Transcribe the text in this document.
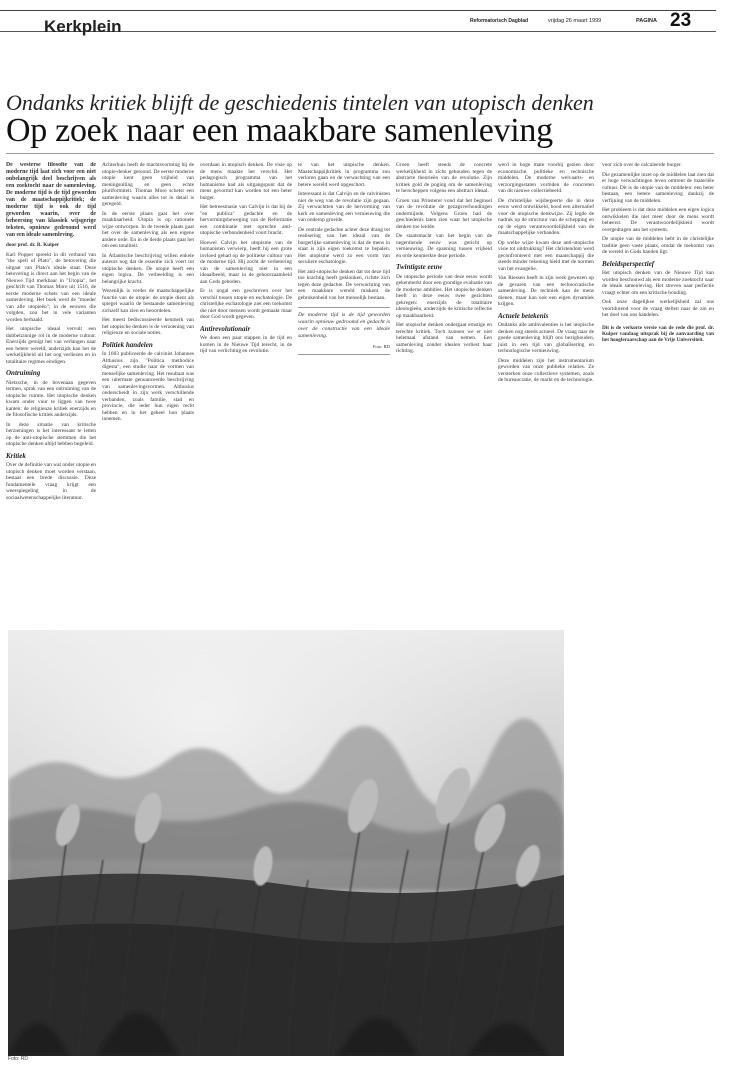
Kerkplein	Reformatorisch Dagblad	vrijdag 26 maart 1999	PAGINA 23
Ondanks kritiek blijft de geschiedenis tintelen van utopisch denken
Op zoek naar een maakbare samenleving

De westerse filosofie van de moderne tijd laat zich voor een niet onbelangrijk deel beschrijven als een zoektocht naar de samenleving. De moderne tijd is de tijd geworden van de maatschappijkritiek; de moderne tijd is ook de tijd geworden waarin, over de beheersing van klassiek wijsgerige teksten, opnieuw gedroomd werd van een ideale samenleving.

door prof. dr. R. Kuiper

Karl Popper spreekt in dit verband van "the spell of Plato", de betovering die uitgaat van Plato's ideale staat. Deze betovering is direct aan het begin van de Nieuwe Tijd merkbaar in "Utopia", het geschrift van Thomas More uit 1516, de eerste moderne schets van een ideale samenleving. Het boek werd de "moeder van alle utopieën"; in de eeuwen die volgden, zou het in vele varianten worden herhaald.

Het utopische ideaal vervult een dubbelzinnige rol in de moderne cultuur. Enerzijds getuigt het van verlangen naar een betere wereld; anderzijds kan het de werkelijkheid uit het oog verliezen en in totalitaire regimes eindigen.

Ontruiming

Nietzsche, in de bovenaan gegeven termen, sprak van een ontruiming van de utopische ruimte. Het utopische denken kwam onder vuur te liggen van twee kanten: de religieuze kritiek enerzijds en de filosofische kritiek anderzijds.

In deze situatie van kritische herzieningen is het interessant te letten op de anti-utopische stemmen die het utopische denken altijd hebben begeleid.

Kritiek

Over de definitie van wat onder utopie en utopisch denken moet worden verstaan, bestaat een brede discussie. Deze fundamentele vraag krijgt een weerspiegeling in de sociaalwetenschappelijke literatuur.

Achterhuis heeft de machtsvorming bij de utopie-denker getoond. De eerste moderne utopie kent geen vrijheid van meningsuiting en geen echte pluriformiteit. Thomas More schetst een samenleving waarin alles tot in detail is geregeld.

In de eerste plaats gaat het over maakbaarheid. Utopia is op rationele wijze ontworpen. In de tweede plaats gaat het over de samenleving als een eigene andere orde. En in de derde plaats gaat het om een totaliteit.

In Atlantische beschrijving willen enkele auteurs nog dat de essentie zich voert tot utopische denken. De utopie heeft een eigen logica. De verbeelding is een belangrijke kracht.

Wezenlijk is verder de maatschappelijke functie van de utopie: de utopie dient als spiegel waarin de bestaande samenleving zichzelf kan zien en beoordelen.

Het meest bediscussieerde kenmerk van het utopische denken is de verzoening van religieuze en sociale noties.

Politiek handelen

In 1603 publiceerde de calvinist Johannes Althusius zijn "Politica methodice digesta", een studie naar de vormen van menselijke samenleving. Het resultaat was een uitermate genuanceerde beschrijving van samenlevingsvormen. Althusius onderscheidt in zijn werk verschillende verbanden, zoals familie, stad en provincie, die ieder hun eigen recht hebben en in het geheel hun plaats innemen.

overdaan in utopisch denken. De visie op de mens maakte het verschil. Het pedagogisch programma van het humanisme had als uitgangspunt dat de mens gevormd kan worden tot een beter burger.

Het betreesmasie van Calvijn is dat bij de "en publica" gedachte en de hervormingsbeweging van de Reformatie een combinatie met oprechte anti-utopische verbondenheid voort bracht.

Hoewel Calvijn het utopisme van de humanisten verwierp, heeft hij een grote invloed gehad op de politieke cultuur van de moderne tijd. Hij zocht de verbetering van de samenleving niet in een ideaalbeeld, maar in de gehoorzaamheid aan Gods geboden.

Er is nogal een geschreven over het verschil tussen utopie en eschatologie. De christelijke eschatologie ziet een toekomst die niet door mensen wordt gemaakt maar door God wordt gegeven.

Antirevolutionair

We doen een paar stappen in de tijd en komen in de Nieuwe Tijd terecht, in de tijd van verlichting en revolutie.

te van het utopische denken. Maatschappijkritiek in programma zou verloren gaan en de verwachting van een betere wereld werd opgeschort.

Interessant is dat Calvijn en de calvinisten niet de weg van de revolutie zijn gegaan. Zij verwachtten van de hervorming van kerk en samenleving een vernieuwing die van onderop groeide.

De centrale gedachte achter deze drang tot realisering van het ideaal van de burgerlijke samenleving is dat de mens in staat is zijn eigen toekomst te bepalen. Het utopisme werd zo een vorm van seculiere eschatologie.

Het anti-utopische denken dat tot deze tijd toe krachtig heeft geklonken, richtte zich tegen deze gedachte. De verwachting van een maakbare wereld miskent de gebrokenheid van het menselijk bestaan.

De moderne tijd is de tijd geworden waarin opnieuw gedroomd en gedacht is over de constructie van een ideale samenleving.

Foto: RD

Groen heeft steeds de concrete werkelijkheid in zicht gehouden tegen de abstracte theorieën van de revolutie. Zijn kritiek gold de poging om de samenleving te herscheppen volgens een abstract ideaal.

Groen van Prinsterer vond dat het beginsel van de revolutie de gezagsverhoudingen ondermijnde. Volgens Groen had de geschiedenis laten zien waar het utopische denken toe leidde.

De staatsmacht van het begin van de negentiende eeuw was gericht op vernieuwing. De spanning tussen vrijheid en orde kenmerkte deze periode.

Twintigste eeuw

De utopische periode van deze eeuw wordt gekenmerkt door een grondige evaluatie van de moderne ambities. Het utopische denken heeft in deze eeuw twee gezichten gekregen: enerzijds de totalitaire ideologieën, anderzijds de kritische reflectie op maakbaarheid.

Het utopische denken ondergaat ernstige en terechte kritiek. Toch kunnen we er niet helemaal afstand van nemen. Een samenleving zonder idealen verliest haar richting.

werd in hoge mate voorbij gezien door economische, politieke en technische middelen. De moderne welvaarts- en verzorgingsstaten vormden de concreten van dit nieuwe collectiebeeld.

De christelijke wijsbegeerte die in deze eeuw werd ontwikkeld, bood een alternatief voor de utopische denkwijze. Zij legde de nadruk op de structuur van de schepping en op de eigen verantwoordelijkheid van de maatschappelijke verbanden.

Op welke wijze kwam deze anti-utopische visie tot uitdrukking? Het christendom werd geconfronteerd met een maatschappij die steeds minder rekening hield met de normen van het evangelie.

Van Riessen heeft in zijn werk gewezen op de gevaren van een technocratische samenleving. De techniek kan de mens dienen, maar kan ook een eigen dynamiek krijgen.

Actuele betekenis

Ondanks alle ambivalenties is het utopische denken nog steeds actueel. De vraag naar de goede samenleving blijft ons bezighouden, juist in een tijd van globalisering en technologische vernieuwing.

Deze middelen zijn het instrumentarium geworden van onze publieke relaties. Ze versterken onze collectieve systemen, zoals de bureaucratie, de markt en de technologie.

voor zich over de calculeerde burger.

Die gezamenlijke inzet op de middelen laat zien dat er hoge verwachtingen leven omtrent de materiële cultuur. Dit is de utopie van de middelen: een beter bestaan, een betere samenleving dankzij de verfijning van de middelen.

Het probleem is dat deze middelen een eigen logica ontwikkelen die niet meer door de mens wordt beheerst. De verantwoordelijkheid wordt overgedragen aan het systeem.

De utopie van de middelen hebt in de christelijke traditie geen vaste plaats, omdat de toekomst van de wereld in Gods handen ligt.

Beleidsperspectief

Het utopisch denken van de Nieuwe Tijd kan worden beschouwd als een moderne zoektocht naar de ideale samenleving. Het streven naar perfectie vraagt echter om een kritische houding.

Ook onze dagelijkse werkelijkheid zal ons voortdurend voor de vraag stellen naar de zin en het doel van ons handelen.

Dit is de verkorte versie van de rede die prof. dr. Kuiper vandaag uitsprak bij de aanvaarding van het hoogleraarschap aan de Vrije Universiteit.

Foto: RD
